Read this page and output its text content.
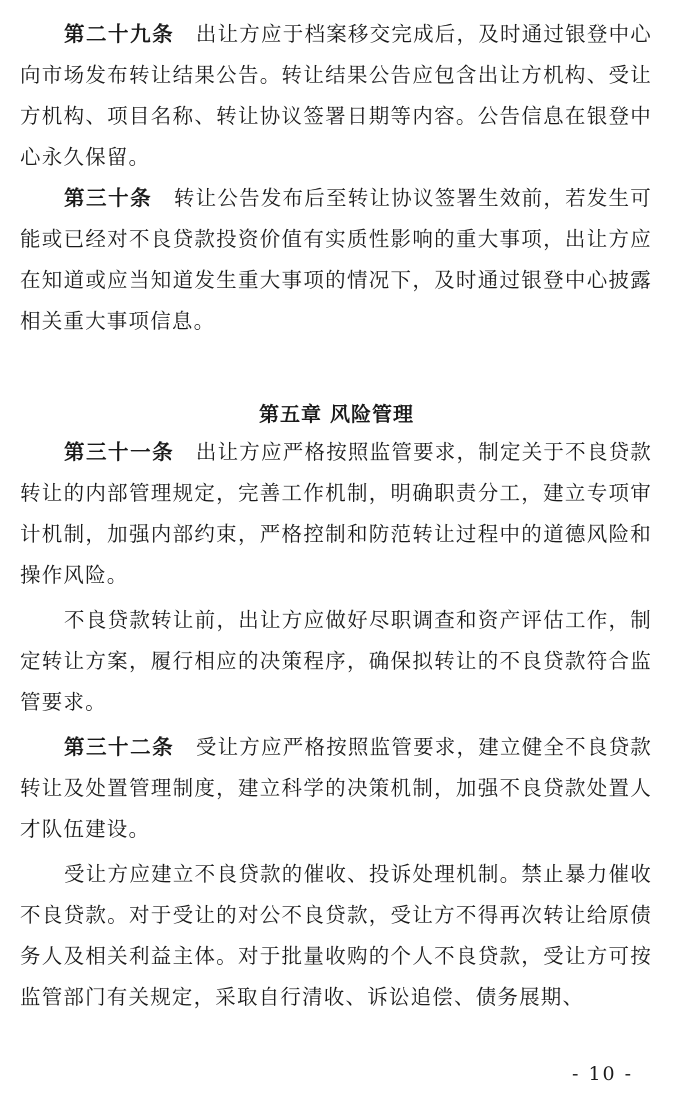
第二十九条  出让方应于档案移交完成后，及时通过银登中心向市场发布转让结果公告。转让结果公告应包含出让方机构、受让方机构、项目名称、转让协议签署日期等内容。公告信息在银登中心永久保留。

第三十条  转让公告发布后至转让协议签署生效前，若发生可能或已经对不良贷款投资价值有实质性影响的重大事项，出让方应在知道或应当知道发生重大事项的情况下，及时通过银登中心披露相关重大事项信息。

第五章 风险管理

第三十一条  出让方应严格按照监管要求，制定关于不良贷款转让的内部管理规定，完善工作机制，明确职责分工，建立专项审计机制，加强内部约束，严格控制和防范转让过程中的道德风险和操作风险。

不良贷款转让前，出让方应做好尽职调查和资产评估工作，制定转让方案，履行相应的决策程序，确保拟转让的不良贷款符合监管要求。

第三十二条  受让方应严格按照监管要求，建立健全不良贷款转让及处置管理制度，建立科学的决策机制，加强不良贷款处置人才队伍建设。

受让方应建立不良贷款的催收、投诉处理机制。禁止暴力催收不良贷款。对于受让的对公不良贷款，受让方不得再次转让给原债务人及相关利益主体。对于批量收购的个人不良贷款，受让方可按监管部门有关规定，采取自行清收、诉讼追偿、债务展期、

- 10 -
